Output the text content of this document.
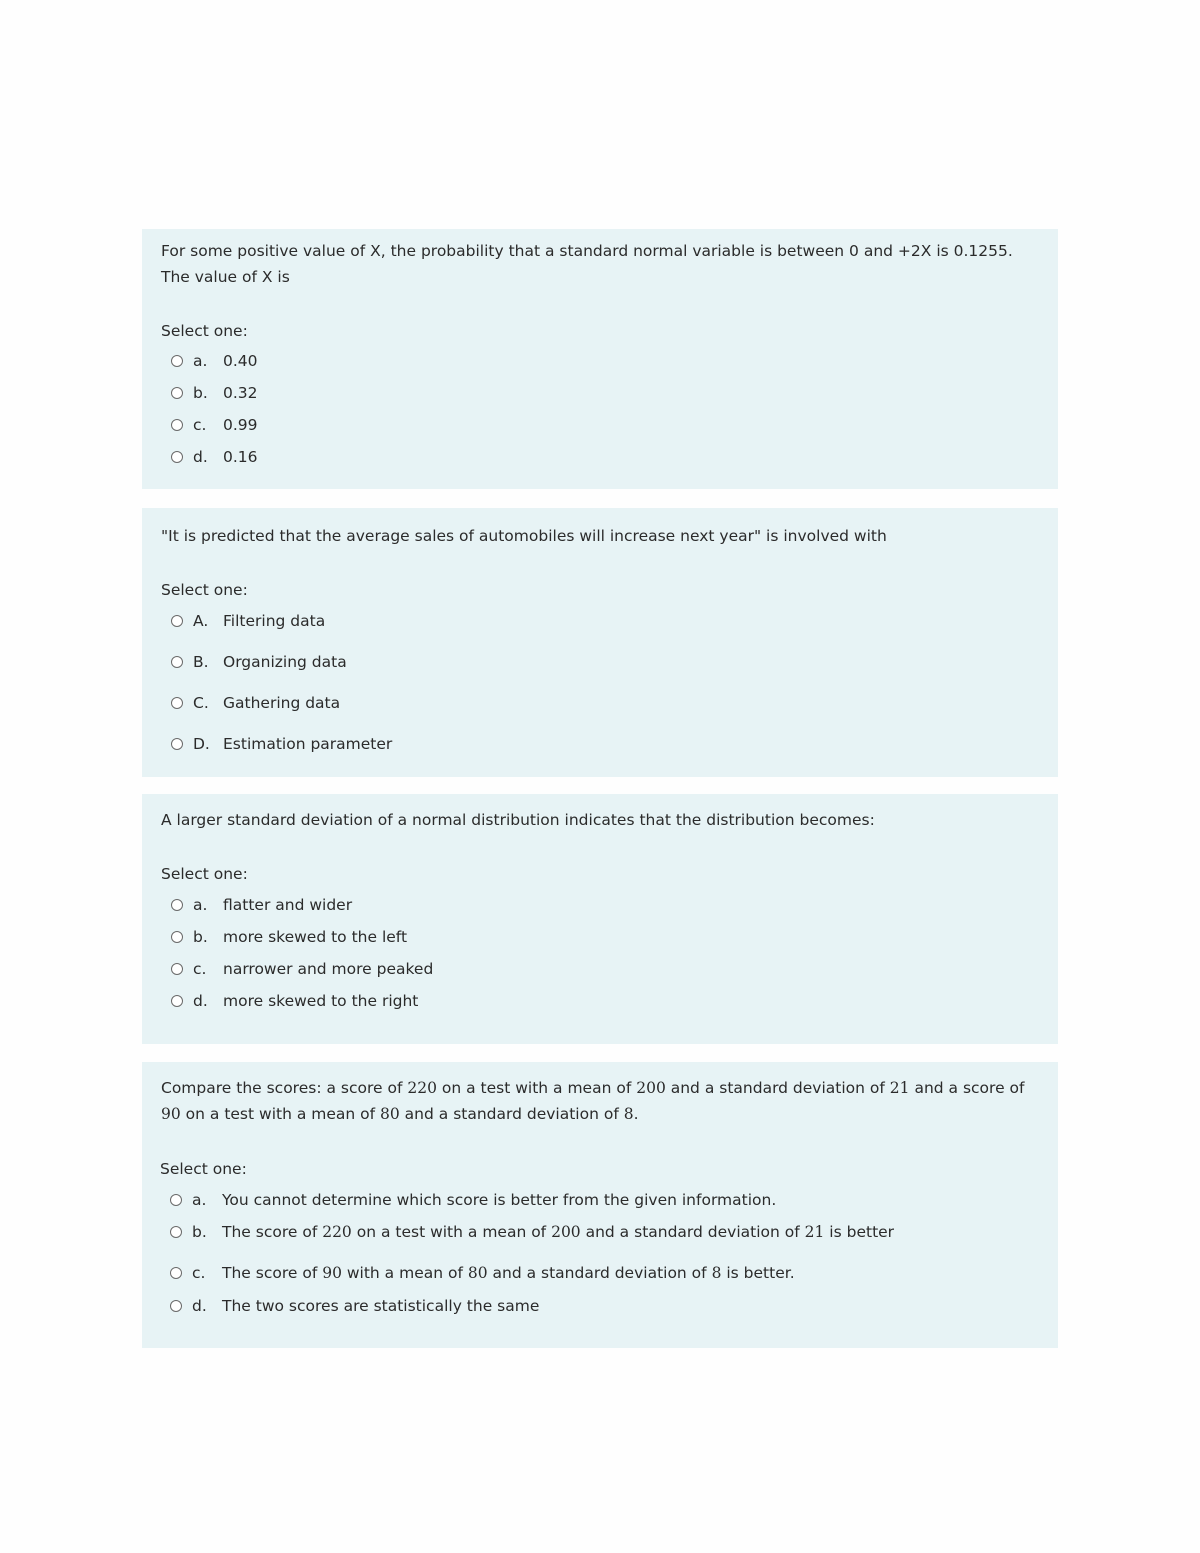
For some positive value of X, the probability that a standard normal variable is between 0 and +2X is 0.1255.
The value of X is

Select one:

a.	0.40
b. 0.32
c.	0.99
d. 0.16

"It is predicted that the average sales of automobiles will increase next year" is involved with

Select one:

A. Filtering data
B. Organizing data
C. Gathering data
D. Estimation parameter

A larger standard deviation of a normal distribution indicates that the distribution becomes:

Select one:

a.	flatter and wider
b. more skewed to the left
c.	narrower and more peaked
d. more skewed to the right

Compare the scores: a score of 220 on a test with a mean of 200 and a standard deviation of 21 and a score of
90 on a test with a mean of 80 and a standard deviation of 8.

Select one:

a.	You cannot determine which score is better from the given information.
b. The score of 220 on a test with a mean of 200 and a standard deviation of 21 is better
c.	The score of 90 with a mean of 80 and a standard deviation of 8 is better.
d. The two scores are statistically the same
